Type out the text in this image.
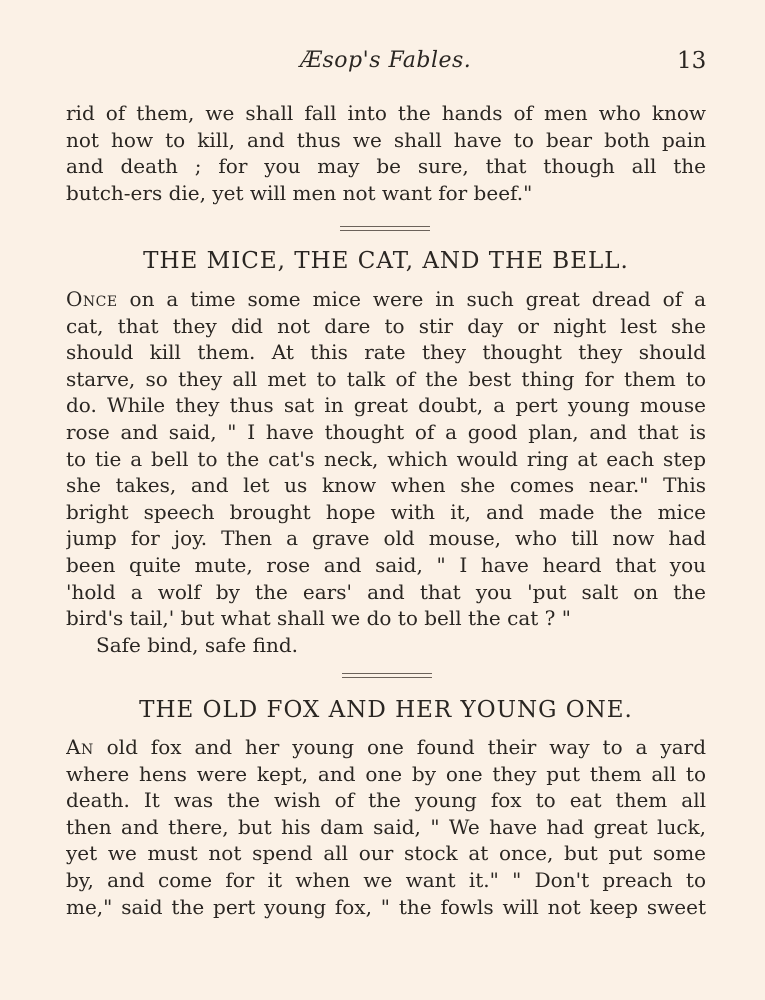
Æsop's Fables.	13
rid of them, we shall fall into the hands of men who know
not how to kill, and thus we shall have to bear both pain
and death ; for you may be sure, that though all the
butch-ers die, yet will men not want for beef."
THE MICE, THE CAT, AND THE BELL.
Once on a time some mice were in such great dread of a
cat, that they did not dare to stir day or night lest she
should kill them. At this rate they thought they should
starve, so they all met to talk of the best thing for them to
do. While they thus sat in great doubt, a pert young mouse
rose and said, " I have thought of a good plan, and that is
to tie a bell to the cat's neck, which would ring at each step
she takes, and let us know when she comes near." This
bright speech brought hope with it, and made the mice
jump for joy. Then a grave old mouse, who till now had
been quite mute, rose and said, " I have heard that you
'hold a wolf by the ears' and that you 'put salt on the
bird's tail,' but what shall we do to bell the cat ? "
Safe bind, safe find.
THE OLD FOX AND HER YOUNG ONE.
An old fox and her young one found their way to a yard
where hens were kept, and one by one they put them all to
death. It was the wish of the young fox to eat them all
then and there, but his dam said, " We have had great luck,
yet we must not spend all our stock at once, but put some
by, and come for it when we want it." " Don't preach to
me," said the pert young fox, " the fowls will not keep sweet
